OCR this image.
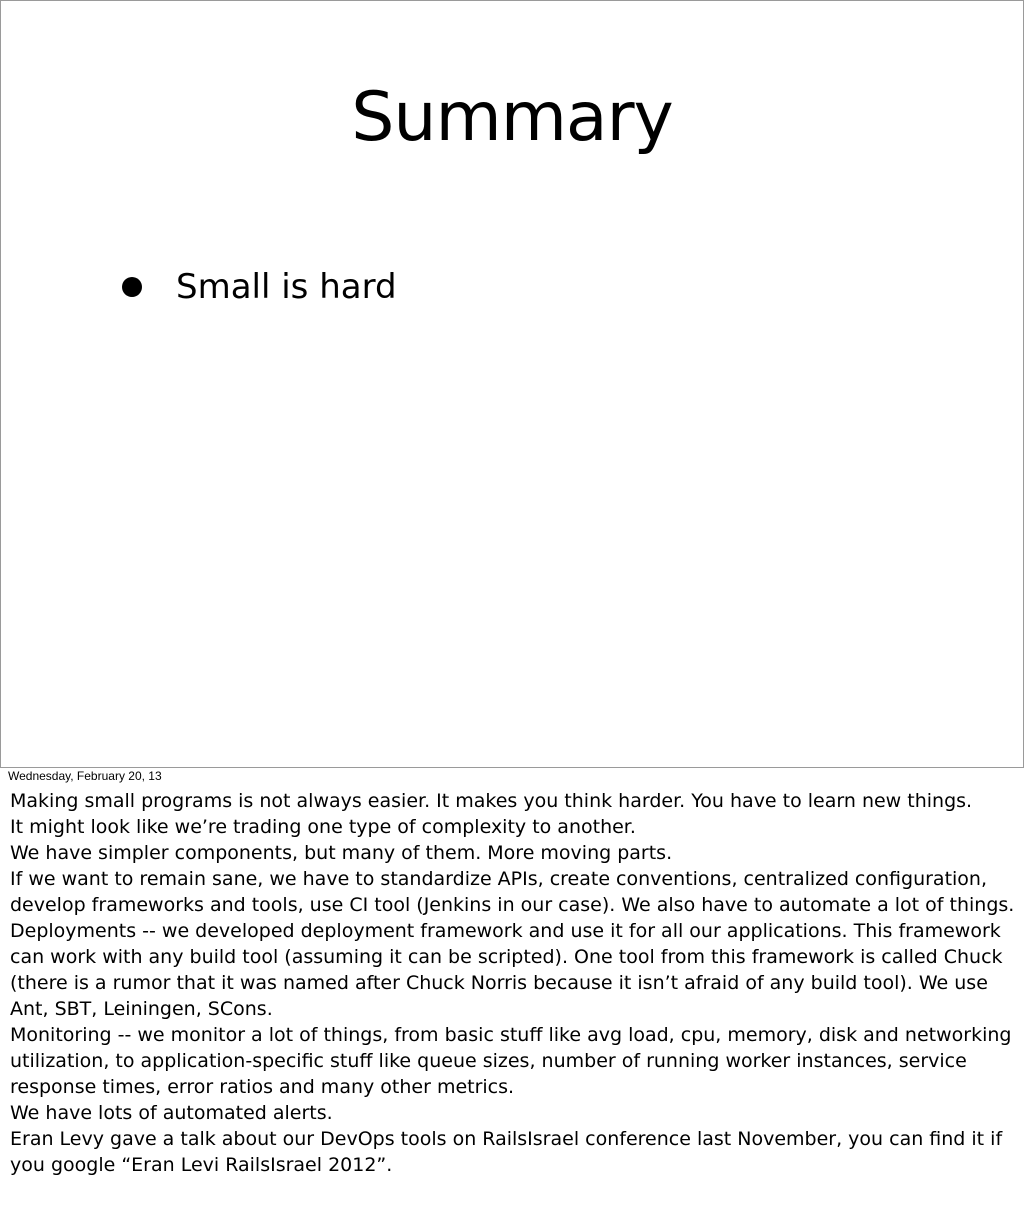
Summary
Small is hard
Wednesday, February 20, 13
Making small programs is not always easier. It makes you think harder. You have to learn new things.
It might look like we’re trading one type of complexity to another.
We have simpler components, but many of them. More moving parts.
If we want to remain sane, we have to standardize APIs, create conventions, centralized configuration, develop frameworks and tools, use CI tool (Jenkins in our case). We also have to automate a lot of things.
Deployments -- we developed deployment framework and use it for all our applications. This framework can work with any build tool (assuming it can be scripted). One tool from this framework is called Chuck (there is a rumor that it was named after Chuck Norris because it isn’t afraid of any build tool). We use Ant, SBT, Leiningen, SCons.
Monitoring -- we monitor a lot of things, from basic stuff like avg load, cpu, memory, disk and networking utilization, to application-specific stuff like queue sizes, number of running worker instances, service response times, error ratios and many other metrics.
We have lots of automated alerts.
Eran Levy gave a talk about our DevOps tools on RailsIsrael conference last November, you can find it if you google “Eran Levi RailsIsrael 2012”.
